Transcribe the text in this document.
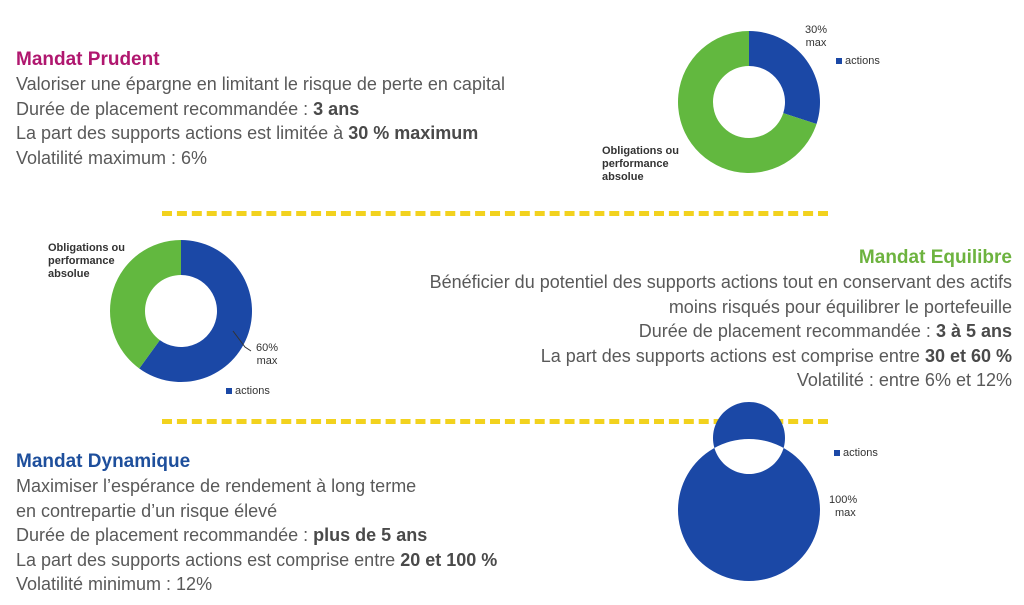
Mandat Prudent
Valoriser une épargne en limitant le risque de perte en capital
Durée de placement recommandée : 3 ans
La part des supports actions est limitée à 30 % maximum
Volatilité maximum : 6%
30%
max
actions
Obligations ou
performance
absolue
Mandat Equilibre
Bénéficier du potentiel des supports actions tout en conservant des actifs
moins risqués pour équilibrer le portefeuille
Durée de placement recommandée : 3 à 5 ans
La part des supports actions est comprise entre 30 et 60 %
Volatilité : entre 6% et 12%
Obligations ou
performance
absolue
60%
max
actions
Mandat Dynamique
Maximiser l’espérance de rendement à long terme
en contrepartie d’un risque élevé
Durée de placement recommandée : plus de 5 ans
La part des supports actions est comprise entre 20 et 100 %
Volatilité minimum : 12%
actions
100%
max
